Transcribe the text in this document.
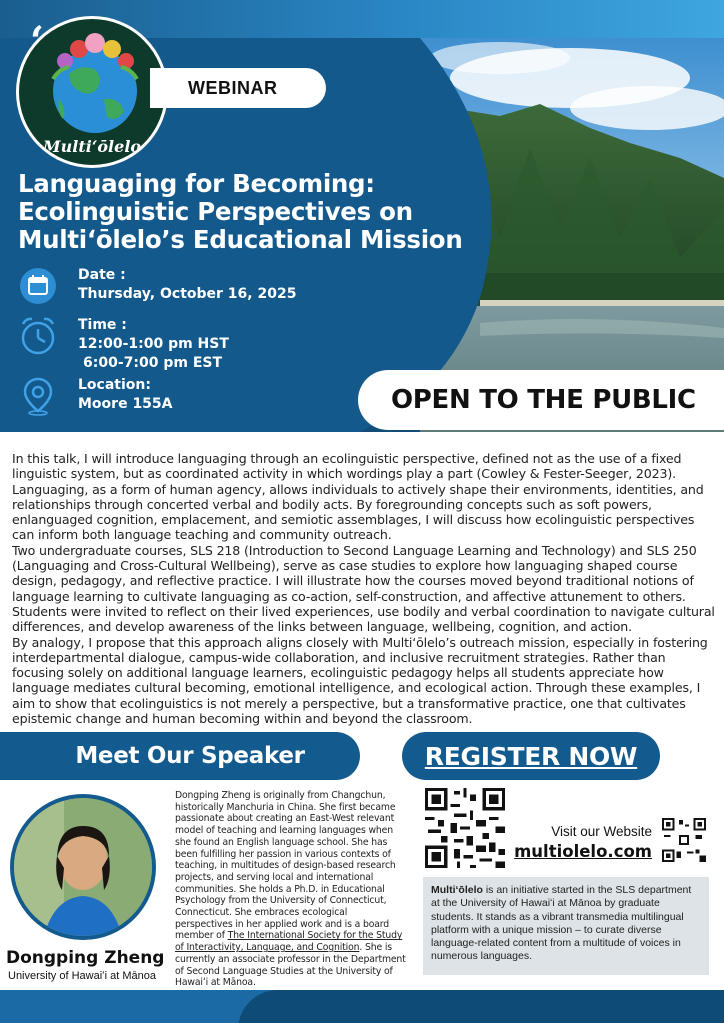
Multiʻōlelo
‘
WEBINAR
Languaging for Becoming: Ecolinguistic Perspectives on Multiʻōlelo’s Educational Mission
Date :
Thursday, October 16, 2025
Time :
12:00-1:00 pm HST
6:00-7:00 pm EST
Location:
Moore 155A	OPEN TO THE PUBLIC

In this talk, I will introduce languaging through an ecolinguistic perspective, defined not as the use of a fixed linguistic system, but as coordinated activity in which wordings play a part (Cowley & Fester-Seeger, 2023). Languaging, as a form of human agency, allows individuals to actively shape their environments, identities, and relationships through concerted verbal and bodily acts. By foregrounding concepts such as soft powers, enlanguaged cognition, emplacement, and semiotic assemblages, I will discuss how ecolinguistic perspectives can inform both language teaching and community outreach.

Two undergraduate courses, SLS 218 (Introduction to Second Language Learning and Technology) and SLS 250 (Languaging and Cross-Cultural Wellbeing), serve as case studies to explore how languaging shaped course design, pedagogy, and reflective practice. I will illustrate how the courses moved beyond traditional notions of language learning to cultivate languaging as co-action, self-construction, and affective attunement to others. Students were invited to reflect on their lived experiences, use bodily and verbal coordination to navigate cultural differences, and develop awareness of the links between language, wellbeing, cognition, and action.

By analogy, I propose that this approach aligns closely with Multiʻōlelo’s outreach mission, especially in fostering interdepartmental dialogue, campus-wide collaboration, and inclusive recruitment strategies. Rather than focusing solely on additional language learners, ecolinguistic pedagogy helps all students appreciate how language mediates cultural becoming, emotional intelligence, and ecological action. Through these examples, I aim to show that ecolinguistics is not merely a perspective, but a transformative practice, one that cultivates epistemic change and human becoming within and beyond the classroom.

Meet Our Speaker	REGISTER NOW
Dongping Zheng
University of Hawaiʻi at Mānoa
Dongping Zheng is originally from Changchun, historically Manchuria in China. She first became passionate about creating an East-West relevant model of teaching and learning languages when she found an English language school. She has been fulfilling her passion in various contexts of teaching, in multitudes of design-based research projects, and serving local and international communities. She holds a Ph.D. in Educational Psychology from the University of Connecticut, Connecticut. She embraces ecological perspectives in her applied work and is a board member of The International Society for the Study of Interactivity, Language, and Cognition. She is currently an associate professor in the Department of Second Language Studies at the University of Hawaiʻi at Mānoa.
Visit our Website
multiolelo.com
Multiʻōlelo is an initiative started in the SLS department at the University of Hawaiʻi at Mānoa by graduate students. It stands as a vibrant transmedia multilingual platform with a unique mission – to curate diverse language-related content from a multitude of voices in numerous languages.
